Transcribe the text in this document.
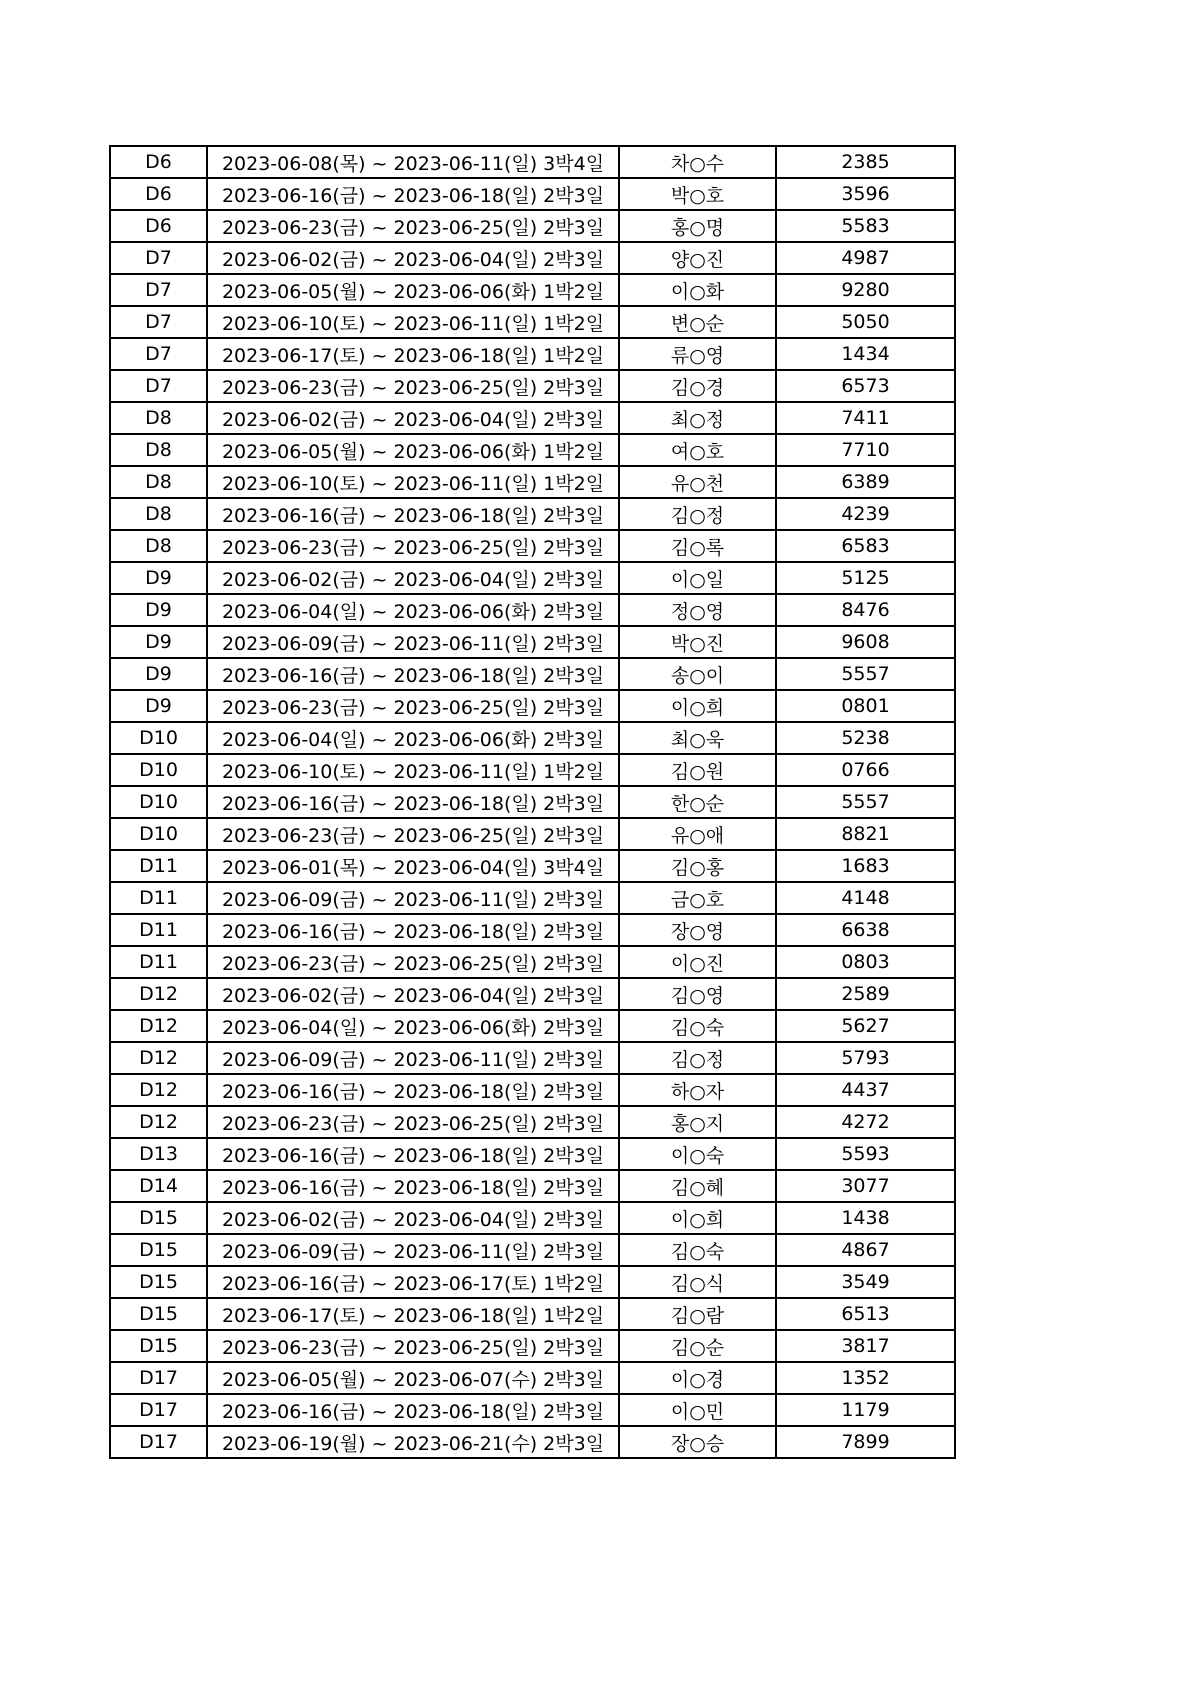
D6	2023-06-08(목) ~ 2023-06-11(일) 3박4일	차○수	2385
D6	2023-06-16(금) ~ 2023-06-18(일) 2박3일	박○호	3596
D6	2023-06-23(금) ~ 2023-06-25(일) 2박3일	홍○명	5583
D7	2023-06-02(금) ~ 2023-06-04(일) 2박3일	양○진	4987
D7	2023-06-05(월) ~ 2023-06-06(화) 1박2일	이○화	9280
D7	2023-06-10(토) ~ 2023-06-11(일) 1박2일	변○순	5050
D7	2023-06-17(토) ~ 2023-06-18(일) 1박2일	류○영	1434
D7	2023-06-23(금) ~ 2023-06-25(일) 2박3일	김○경	6573
D8	2023-06-02(금) ~ 2023-06-04(일) 2박3일	최○정	7411
D8	2023-06-05(월) ~ 2023-06-06(화) 1박2일	여○호	7710
D8	2023-06-10(토) ~ 2023-06-11(일) 1박2일	유○천	6389
D8	2023-06-16(금) ~ 2023-06-18(일) 2박3일	김○정	4239
D8	2023-06-23(금) ~ 2023-06-25(일) 2박3일	김○록	6583
D9	2023-06-02(금) ~ 2023-06-04(일) 2박3일	이○일	5125
D9	2023-06-04(일) ~ 2023-06-06(화) 2박3일	정○영	8476
D9	2023-06-09(금) ~ 2023-06-11(일) 2박3일	박○진	9608
D9	2023-06-16(금) ~ 2023-06-18(일) 2박3일	송○이	5557
D9	2023-06-23(금) ~ 2023-06-25(일) 2박3일	이○희	0801
D10	2023-06-04(일) ~ 2023-06-06(화) 2박3일	최○욱	5238
D10	2023-06-10(토) ~ 2023-06-11(일) 1박2일	김○원	0766
D10	2023-06-16(금) ~ 2023-06-18(일) 2박3일	한○순	5557
D10	2023-06-23(금) ~ 2023-06-25(일) 2박3일	유○애	8821
D11	2023-06-01(목) ~ 2023-06-04(일) 3박4일	김○홍	1683
D11	2023-06-09(금) ~ 2023-06-11(일) 2박3일	금○호	4148
D11	2023-06-16(금) ~ 2023-06-18(일) 2박3일	장○영	6638
D11	2023-06-23(금) ~ 2023-06-25(일) 2박3일	이○진	0803
D12	2023-06-02(금) ~ 2023-06-04(일) 2박3일	김○영	2589
D12	2023-06-04(일) ~ 2023-06-06(화) 2박3일	김○숙	5627
D12	2023-06-09(금) ~ 2023-06-11(일) 2박3일	김○정	5793
D12	2023-06-16(금) ~ 2023-06-18(일) 2박3일	하○자	4437
D12	2023-06-23(금) ~ 2023-06-25(일) 2박3일	홍○지	4272
D13	2023-06-16(금) ~ 2023-06-18(일) 2박3일	이○숙	5593
D14	2023-06-16(금) ~ 2023-06-18(일) 2박3일	김○혜	3077
D15	2023-06-02(금) ~ 2023-06-04(일) 2박3일	이○희	1438
D15	2023-06-09(금) ~ 2023-06-11(일) 2박3일	김○숙	4867
D15	2023-06-16(금) ~ 2023-06-17(토) 1박2일	김○식	3549
D15	2023-06-17(토) ~ 2023-06-18(일) 1박2일	김○람	6513
D15	2023-06-23(금) ~ 2023-06-25(일) 2박3일	김○순	3817
D17	2023-06-05(월) ~ 2023-06-07(수) 2박3일	이○경	1352
D17	2023-06-16(금) ~ 2023-06-18(일) 2박3일	이○민	1179
D17	2023-06-19(월) ~ 2023-06-21(수) 2박3일	장○승	7899
